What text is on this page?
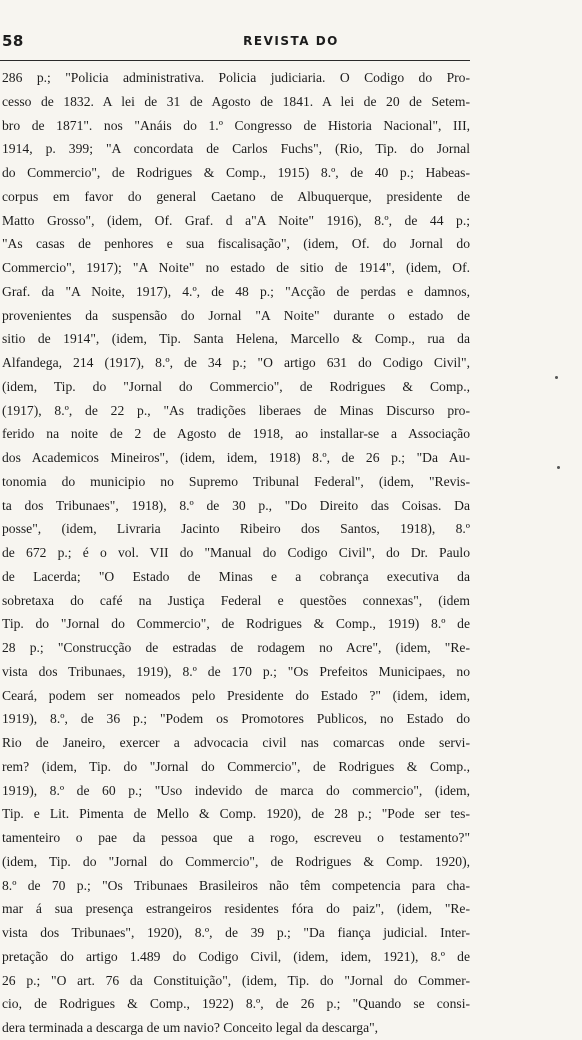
58	REVISTA DO
286 p.; "Policia administrativa. Policia judiciaria. O Codigo do Pro-
cesso de 1832. A lei de 31 de Agosto de 1841. A lei de 20 de Setem-
bro de 1871". nos "Anáis do 1.º Congresso de Historia Nacional", III,
1914, p. 399; "A concordata de Carlos Fuchs", (Rio, Tip. do Jornal
do Commercio", de Rodrigues & Comp., 1915) 8.º, de 40 p.; Habeas-
corpus em favor do general Caetano de Albuquerque, presidente de
Matto Grosso", (idem, Of. Graf. d a"A Noite" 1916), 8.º, de 44 p.;
"As casas de penhores e sua fiscalisação", (idem, Of. do Jornal do
Commercio", 1917); "A Noite" no estado de sitio de 1914", (idem, Of.
Graf. da "A Noite, 1917), 4.º, de 48 p.; "Acção de perdas e damnos,
provenientes da suspensão do Jornal "A Noite" durante o estado de
sitio de 1914", (idem, Tip. Santa Helena, Marcello & Comp., rua da
Alfandega, 214 (1917), 8.º, de 34 p.; "O artigo 631 do Codigo Civil",
(idem, Tip. do "Jornal do Commercio", de Rodrigues & Comp.,
(1917), 8.º, de 22 p., "As tradições liberaes de Minas Discurso pro-
ferido na noite de 2 de Agosto de 1918, ao installar-se a Associação
dos Academicos Mineiros", (idem, idem, 1918) 8.º, de 26 p.; "Da Au-
tonomia do municipio no Supremo Tribunal Federal", (idem, "Revis-
ta dos Tribunaes", 1918), 8.º de 30 p., "Do Direito das Coisas. Da
posse", (idem, Livraria Jacinto Ribeiro dos Santos, 1918), 8.º
de 672 p.; é o vol. VII do "Manual do Codigo Civil", do Dr. Paulo
de Lacerda; "O Estado de Minas e a cobrança executiva da
sobretaxa do café na Justiça Federal e questões connexas", (idem
Tip. do "Jornal do Commercio", de Rodrigues & Comp., 1919) 8.º de
28 p.; "Construcção de estradas de rodagem no Acre", (idem, "Re-
vista dos Tribunaes, 1919), 8.º de 170 p.; "Os Prefeitos Municipaes, no
Ceará, podem ser nomeados pelo Presidente do Estado ?" (idem, idem,
1919), 8.º, de 36 p.; "Podem os Promotores Publicos, no Estado do
Rio de Janeiro, exercer a advocacia civil nas comarcas onde servi-
rem? (idem, Tip. do "Jornal do Commercio", de Rodrigues & Comp.,
1919), 8.º de 60 p.; "Uso indevido de marca do commercio", (idem,
Tip. e Lit. Pimenta de Mello & Comp. 1920), de 28 p.; "Pode ser tes-
tamenteiro o pae da pessoa que a rogo, escreveu o testamento?"
(idem, Tip. do "Jornal do Commercio", de Rodrigues & Comp. 1920),
8.º de 70 p.; "Os Tribunaes Brasileiros não têm competencia para cha-
mar á sua presença estrangeiros residentes fóra do paiz", (idem, "Re-
vista dos Tribunaes", 1920), 8.º, de 39 p.; "Da fiança judicial. Inter-
pretação do artigo 1.489 do Codigo Civil, (idem, idem, 1921), 8.º de
26 p.; "O art. 76 da Constituição", (idem, Tip. do "Jornal do Commer-
cio, de Rodrigues & Comp., 1922) 8.º, de 26 p.; "Quando se consi-
dera terminada a descarga de um navio? Conceito legal da descarga",
